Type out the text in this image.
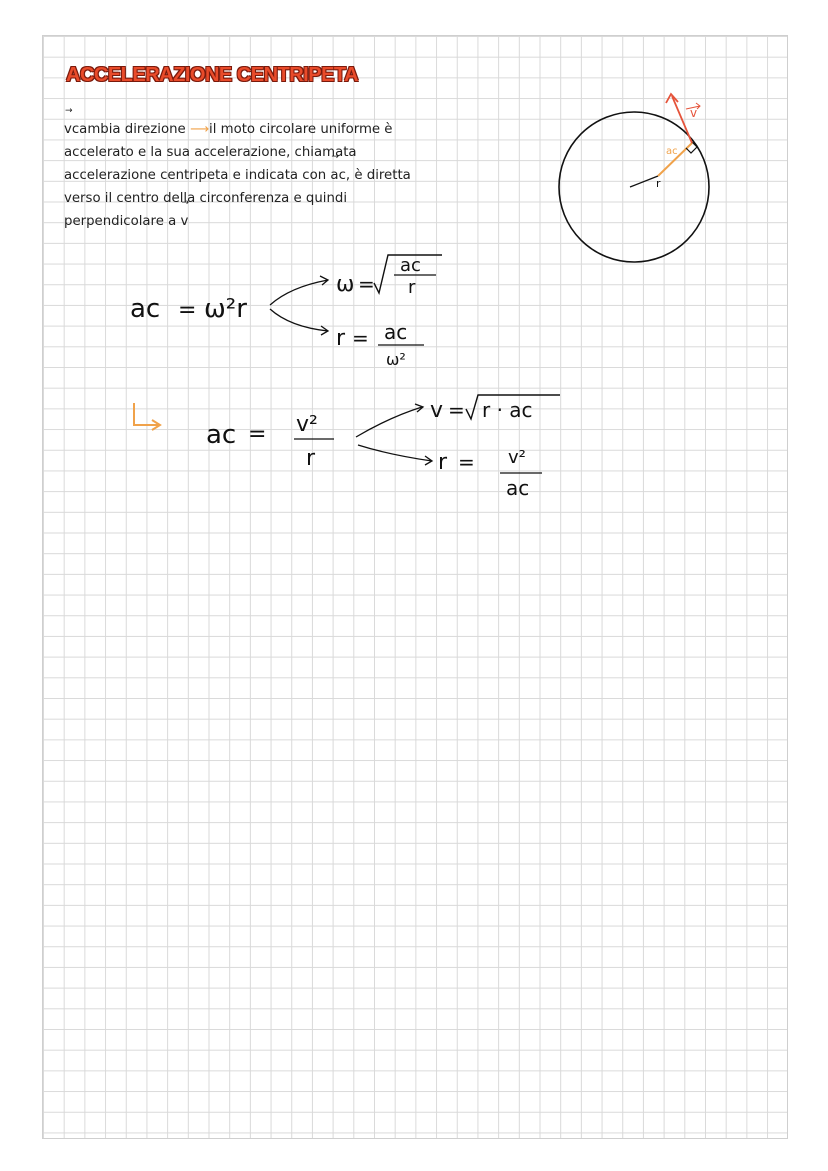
ACCELERAZIONE CENTRIPETA
→ vcambia direzione ⟶il moto circolare uniforme è
accelerato e la sua accelerazione, chiamata
accelerazione centripeta e indicata con → ac, è diretta
verso il centro della circonferenza e quindi
perpendicolare a → v
v
ac
r
ac = ω²r
ω =
ac
r
r = ac
ω²
ac = v²
r
v = r · ac
r = v²
ac
